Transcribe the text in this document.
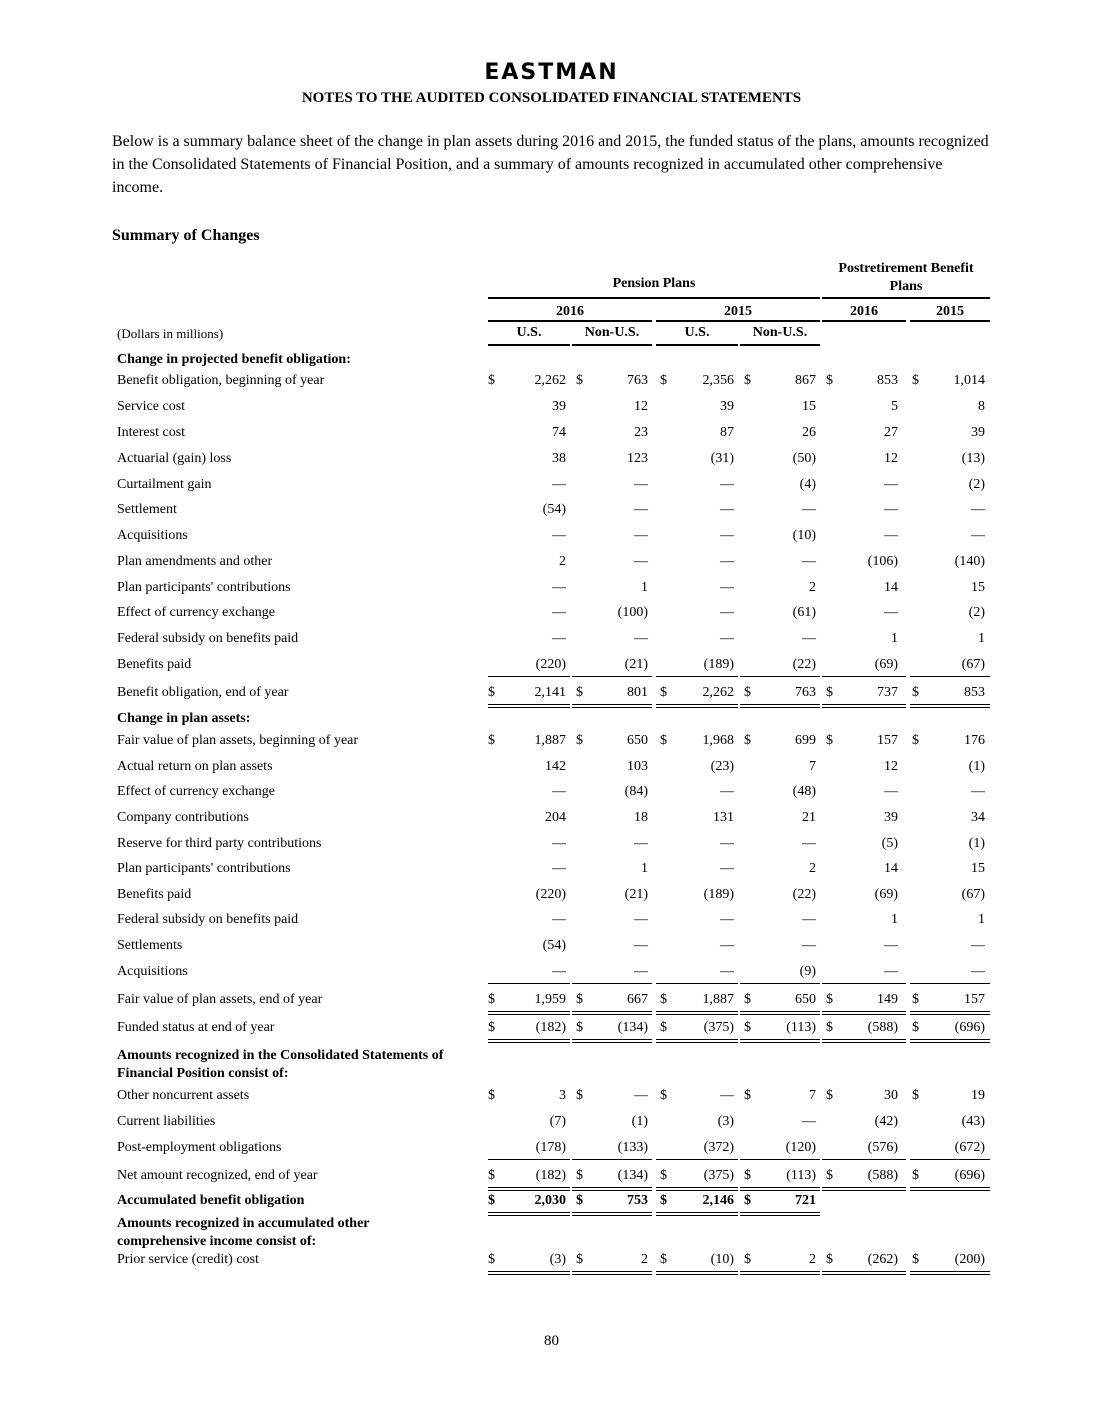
EASTMAN
NOTES TO THE AUDITED CONSOLIDATED FINANCIAL STATEMENTS
Below is a summary balance sheet of the change in plan assets during 2016 and 2015, the funded status of the plans, amounts recognized in the Consolidated Statements of Financial Position, and a summary of amounts recognized in accumulated other comprehensive income.
Summary of Changes
Pension Plans
Postretirement Benefit
Plans
2016	2015	2016	2015
(Dollars in millions)	U.S.	Non-U.S.	U.S.	Non-U.S.
Change in projected benefit obligation:
Benefit obligation, beginning of year	$	2,262 $	763 $	2,356 $	867 $	853 $ 1,014
Service cost	39	12	39	15	5	8
Interest cost	74	23	87	26	27	39
Actuarial (gain) loss	38	123	(31)	(50)	12	(13)
Curtailment gain	—	—	—	(4)	—	(2)
Settlement	(54)	—	—	—	—	—
Acquisitions	—	—	—	(10)	—	—
Plan amendments and other	2	—	—	—	(106)	(140)
Plan participants' contributions	—	1	—	2	14	15
Effect of currency exchange	—	(100)	—	(61)	—	(2)
Federal subsidy on benefits paid	—	—	—	—	1	1
Benefits paid	(220)	(21)	(189)	(22)	(69)	(67)
Benefit obligation, end of year	$	2,141 $	801 $	2,262 $	763 $	737 $	853
Change in plan assets:
Fair value of plan assets, beginning of year	$	1,887 $	650 $	1,968 $	699 $	157 $	176
Actual return on plan assets	142	103	(23)	7	12	(1)
Effect of currency exchange	—	(84)	—	(48)	—	—
Company contributions	204	18	131	21	39	34
Reserve for third party contributions	—	—	—	—	(5)	(1)
Plan participants' contributions	—	1	—	2	14	15
Benefits paid	(220)	(21)	(189)	(22)	(69)	(67)
Federal subsidy on benefits paid	—	—	—	—	1	1
Settlements	(54)	—	—	—	—	—
Acquisitions	—	—	—	(9)	—	—
Fair value of plan assets, end of year	$	1,959 $	667 $	1,887 $	650 $	149 $	157
Funded status at end of year	$	(182) $ (134) $	(375) $	(113) $ (588) $	(696)
Amounts recognized in the Consolidated Statements of
Financial Position consist of:
Other noncurrent assets	$	3 $	— $	— $	7 $	30 $	19
Current liabilities	(7)	(1)	(3)	—	(42)	(43)
Post-employment obligations	(178)	(133)	(372)	(120)	(576)	(672)
Net amount recognized, end of year	$	(182) $ (134) $	(375) $	(113) $ (588) $	(696)
Accumulated benefit obligation	$	2,030 $	753 $	2,146 $	721
Amounts recognized in accumulated other
comprehensive income consist of:
Prior service (credit) cost	$	(3) $	2 $	(10) $	2 $ (262) $	(200)
80
